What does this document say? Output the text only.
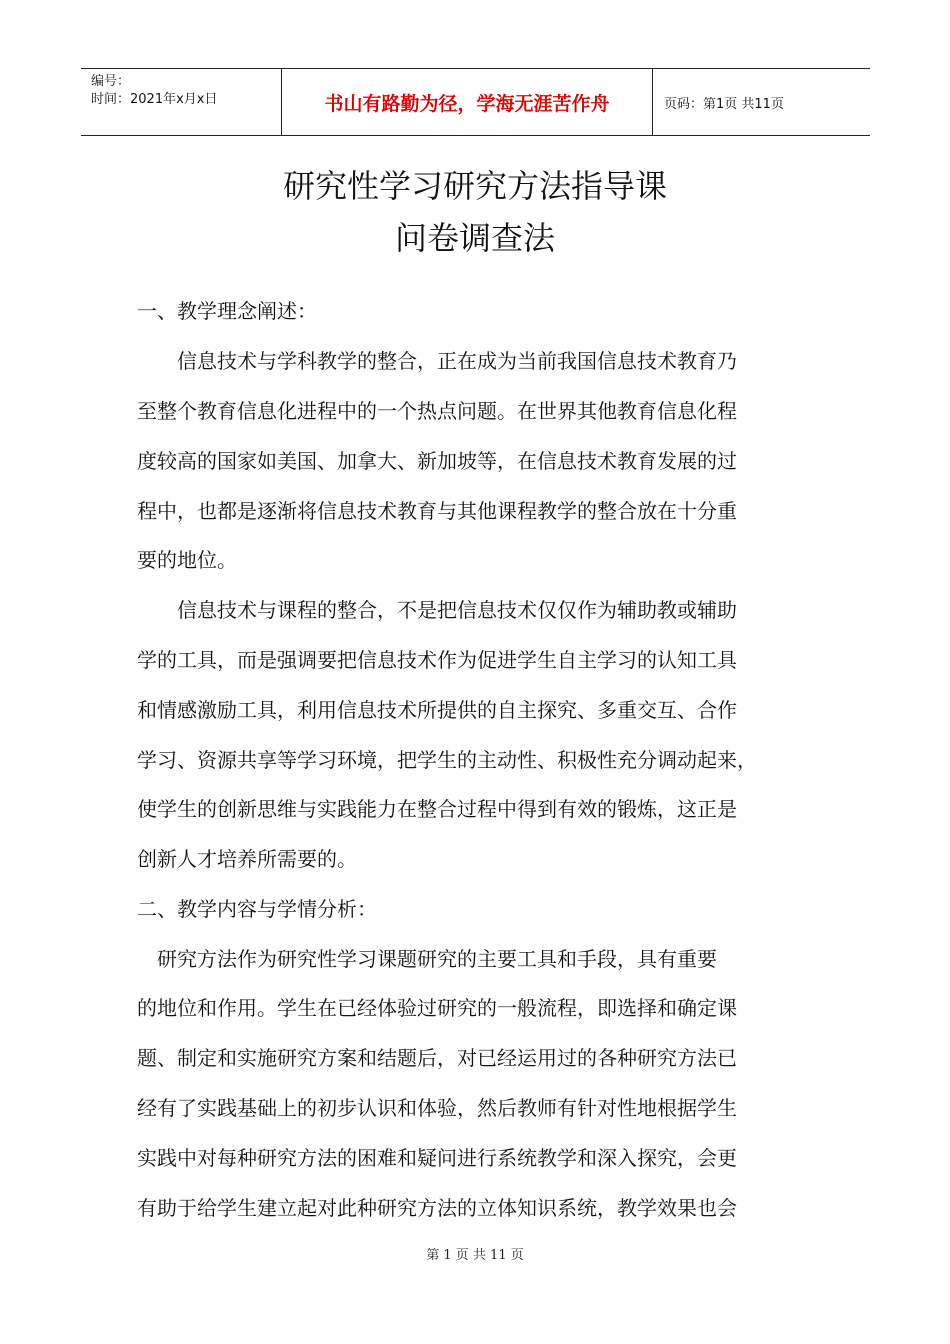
编号：
时间：2021年x月x日	书山有路勤为径，学海无涯苦作舟	页码：第1页 共11页
研究性学习研究方法指导课
问卷调查法
一、教学理念阐述：
　　信息技术与学科教学的整合，正在成为当前我国信息技术教育乃
至整个教育信息化进程中的一个热点问题。在世界其他教育信息化程
度较高的国家如美国、加拿大、新加坡等，在信息技术教育发展的过
程中，也都是逐渐将信息技术教育与其他课程教学的整合放在十分重
要的地位。
　　信息技术与课程的整合，不是把信息技术仅仅作为辅助教或辅助
学的工具，而是强调要把信息技术作为促进学生自主学习的认知工具
和情感激励工具，利用信息技术所提供的自主探究、多重交互、合作
学习、资源共享等学习环境，把学生的主动性、积极性充分调动起来，
使学生的创新思维与实践能力在整合过程中得到有效的锻炼，这正是
创新人才培养所需要的。
二、教学内容与学情分析：
　研究方法作为研究性学习课题研究的主要工具和手段，具有重要
的地位和作用。学生在已经体验过研究的一般流程，即选择和确定课
题、制定和实施研究方案和结题后，对已经运用过的各种研究方法已
经有了实践基础上的初步认识和体验，然后教师有针对性地根据学生
实践中对每种研究方法的困难和疑问进行系统教学和深入探究，会更
有助于给学生建立起对此种研究方法的立体知识系统，教学效果也会
第 1 页 共 11 页
